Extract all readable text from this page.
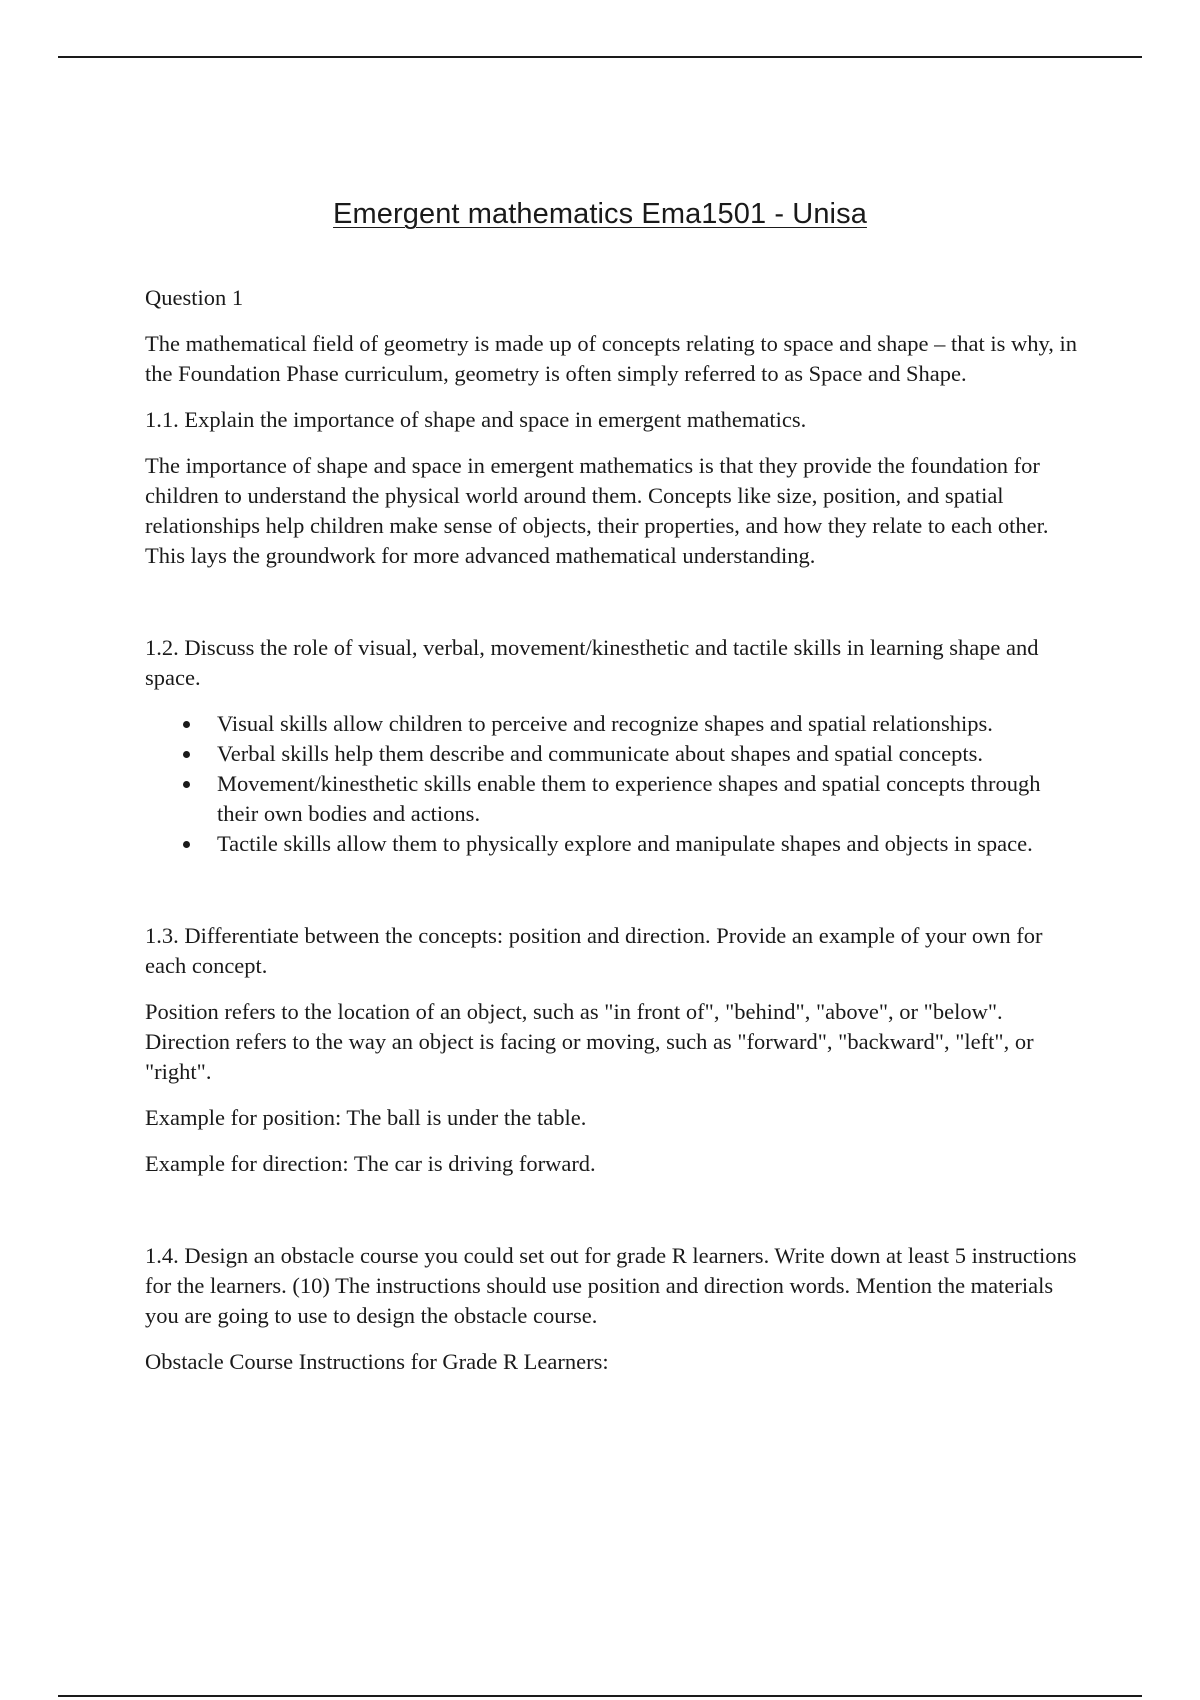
Emergent mathematics Ema1501 - Unisa

Question 1

The mathematical field of geometry is made up of concepts relating to space and shape – that is why, in the Foundation Phase curriculum, geometry is often simply referred to as Space and Shape.

1.1. Explain the importance of shape and space in emergent mathematics.

The importance of shape and space in emergent mathematics is that they provide the foundation for children to understand the physical world around them. Concepts like size, position, and spatial relationships help children make sense of objects, their properties, and how they relate to each other. This lays the groundwork for more advanced mathematical understanding.

1.2. Discuss the role of visual, verbal, movement/kinesthetic and tactile skills in learning shape and space.

Visual skills allow children to perceive and recognize shapes and spatial relationships.
Verbal skills help them describe and communicate about shapes and spatial concepts.
Movement/kinesthetic skills enable them to experience shapes and spatial concepts through their own bodies and actions.
Tactile skills allow them to physically explore and manipulate shapes and objects in space.

1.3. Differentiate between the concepts: position and direction. Provide an example of your own for each concept.

Position refers to the location of an object, such as "in front of", "behind", "above", or "below". Direction refers to the way an object is facing or moving, such as "forward", "backward", "left", or "right".

Example for position: The ball is under the table.

Example for direction: The car is driving forward.

1.4. Design an obstacle course you could set out for grade R learners. Write down at least 5 instructions for the learners. (10) The instructions should use position and direction words. Mention the materials you are going to use to design the obstacle course.

Obstacle Course Instructions for Grade R Learners:
